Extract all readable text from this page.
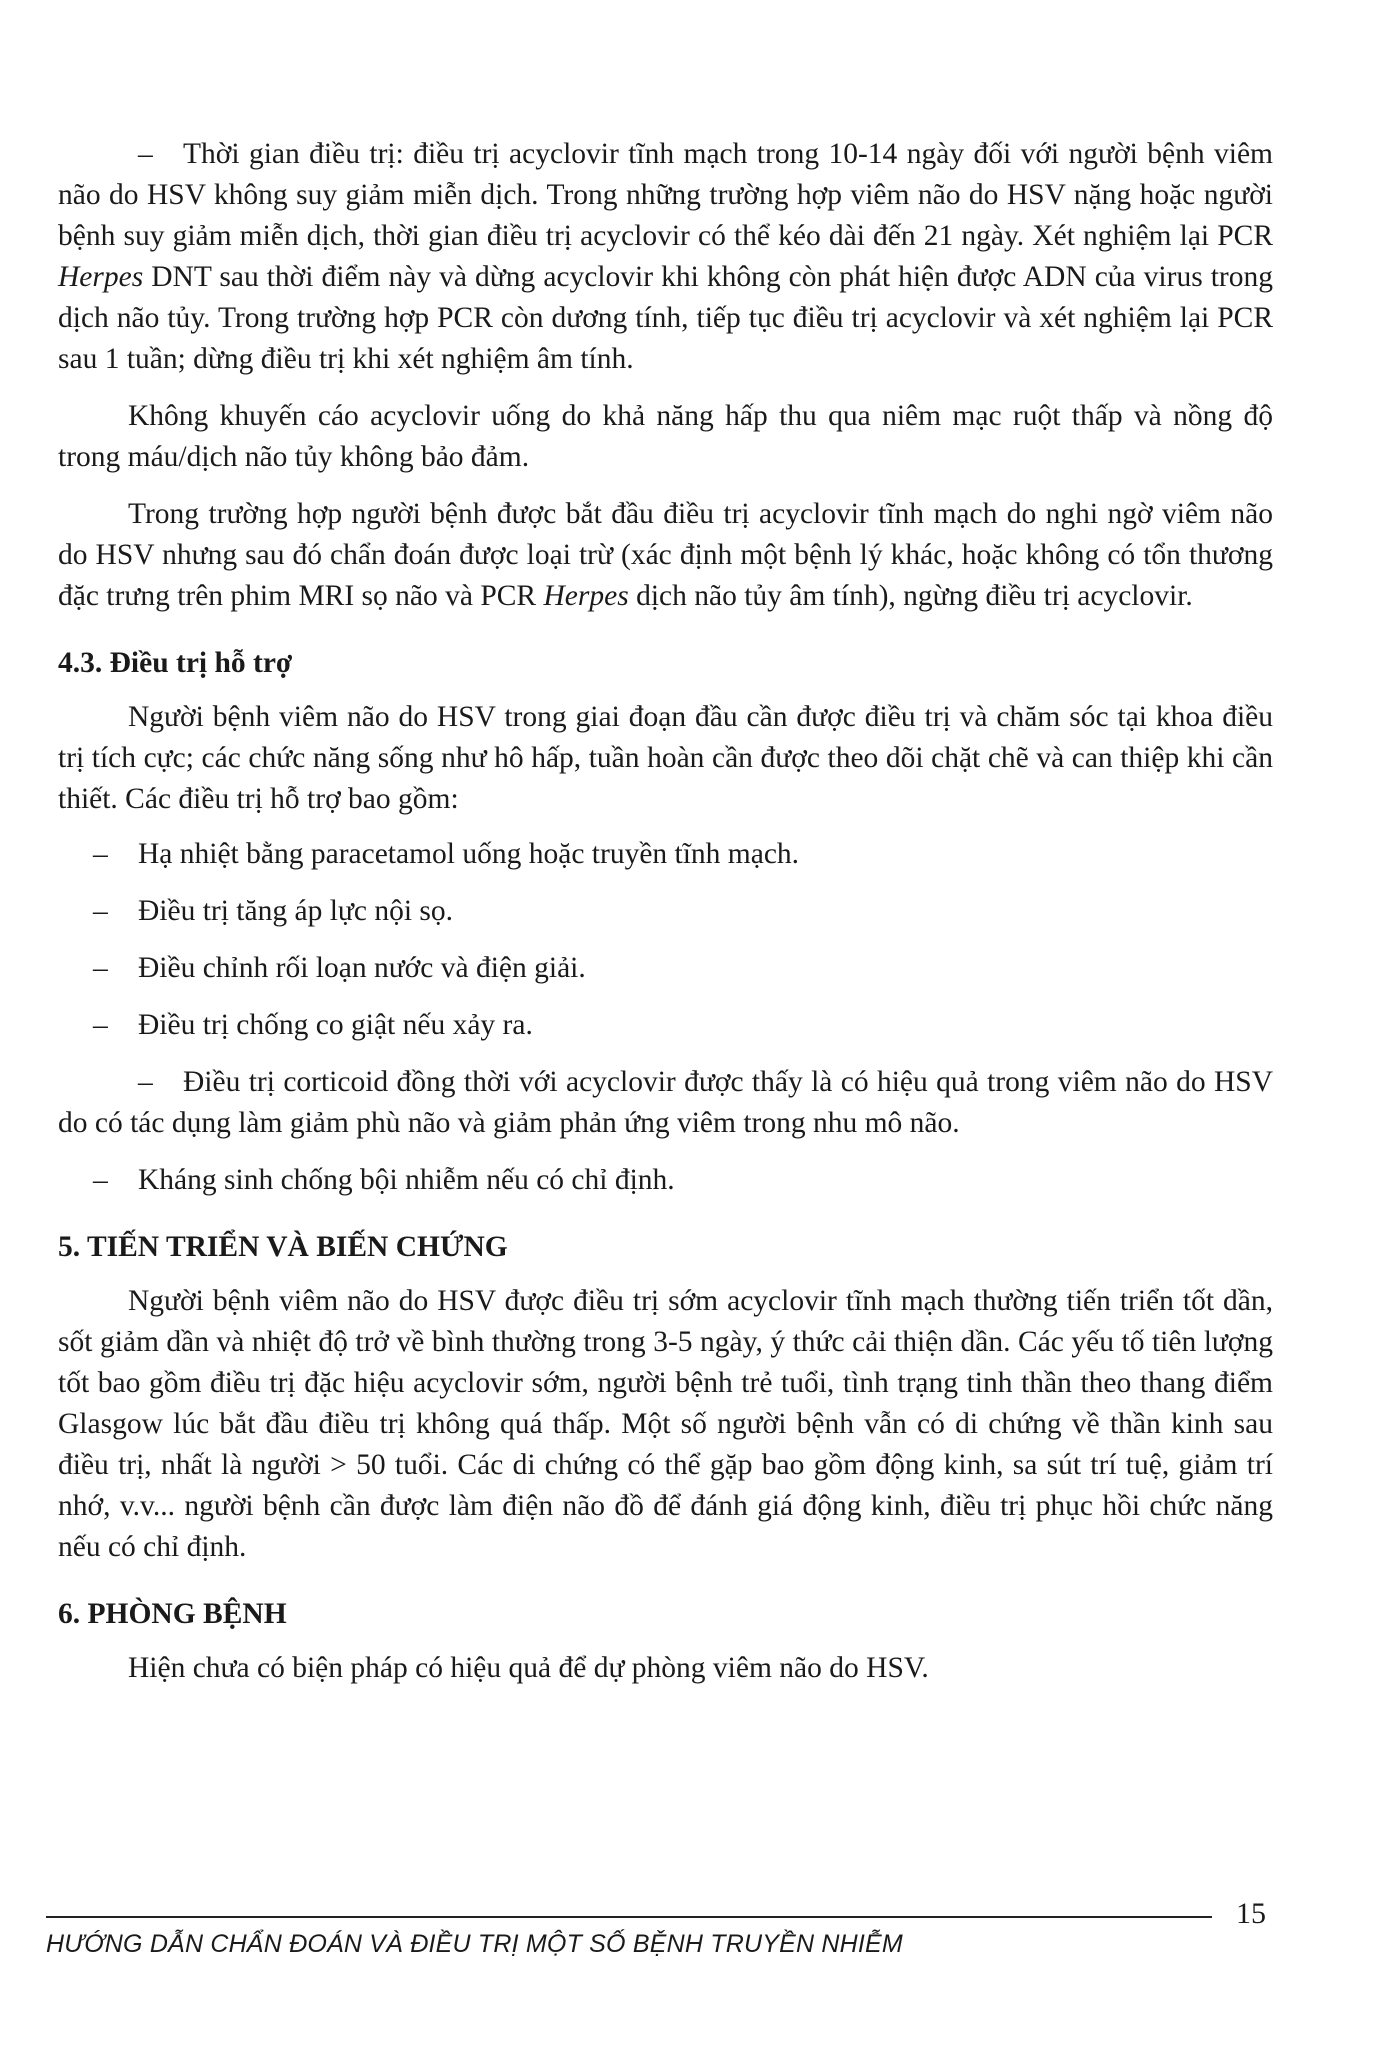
– Thời gian điều trị: điều trị acyclovir tĩnh mạch trong 10-14 ngày đối với người bệnh viêm não do HSV không suy giảm miễn dịch. Trong những trường hợp viêm não do HSV nặng hoặc người bệnh suy giảm miễn dịch, thời gian điều trị acyclovir có thể kéo dài đến 21 ngày. Xét nghiệm lại PCR Herpes DNT sau thời điểm này và dừng acyclovir khi không còn phát hiện được ADN của virus trong dịch não tủy. Trong trường hợp PCR còn dương tính, tiếp tục điều trị acyclovir và xét nghiệm lại PCR sau 1 tuần; dừng điều trị khi xét nghiệm âm tính.

Không khuyến cáo acyclovir uống do khả năng hấp thu qua niêm mạc ruột thấp và nồng độ trong máu/dịch não tủy không bảo đảm.

Trong trường hợp người bệnh được bắt đầu điều trị acyclovir tĩnh mạch do nghi ngờ viêm não do HSV nhưng sau đó chẩn đoán được loại trừ (xác định một bệnh lý khác, hoặc không có tổn thương đặc trưng trên phim MRI sọ não và PCR Herpes dịch não tủy âm tính), ngừng điều trị acyclovir.

4.3. Điều trị hỗ trợ

Người bệnh viêm não do HSV trong giai đoạn đầu cần được điều trị và chăm sóc tại khoa điều trị tích cực; các chức năng sống như hô hấp, tuần hoàn cần được theo dõi chặt chẽ và can thiệp khi cần thiết. Các điều trị hỗ trợ bao gồm:

– Hạ nhiệt bằng paracetamol uống hoặc truyền tĩnh mạch.

– Điều trị tăng áp lực nội sọ.

– Điều chỉnh rối loạn nước và điện giải.

– Điều trị chống co giật nếu xảy ra.

– Điều trị corticoid đồng thời với acyclovir được thấy là có hiệu quả trong viêm não do HSV do có tác dụng làm giảm phù não và giảm phản ứng viêm trong nhu mô não.

– Kháng sinh chống bội nhiễm nếu có chỉ định.

5. TIẾN TRIỂN VÀ BIẾN CHỨNG

Người bệnh viêm não do HSV được điều trị sớm acyclovir tĩnh mạch thường tiến triển tốt dần, sốt giảm dần và nhiệt độ trở về bình thường trong 3-5 ngày, ý thức cải thiện dần. Các yếu tố tiên lượng tốt bao gồm điều trị đặc hiệu acyclovir sớm, người bệnh trẻ tuổi, tình trạng tinh thần theo thang điểm Glasgow lúc bắt đầu điều trị không quá thấp. Một số người bệnh vẫn có di chứng về thần kinh sau điều trị, nhất là người > 50 tuổi. Các di chứng có thể gặp bao gồm động kinh, sa sút trí tuệ, giảm trí nhớ, v.v... người bệnh cần được làm điện não đồ để đánh giá động kinh, điều trị phục hồi chức năng nếu có chỉ định.

6. PHÒNG BỆNH

Hiện chưa có biện pháp có hiệu quả để dự phòng viêm não do HSV.

15
HƯỚNG DẪN CHẨN ĐOÁN VÀ ĐIỀU TRỊ MỘT SỐ BỆNH TRUYỀN NHIỄM
